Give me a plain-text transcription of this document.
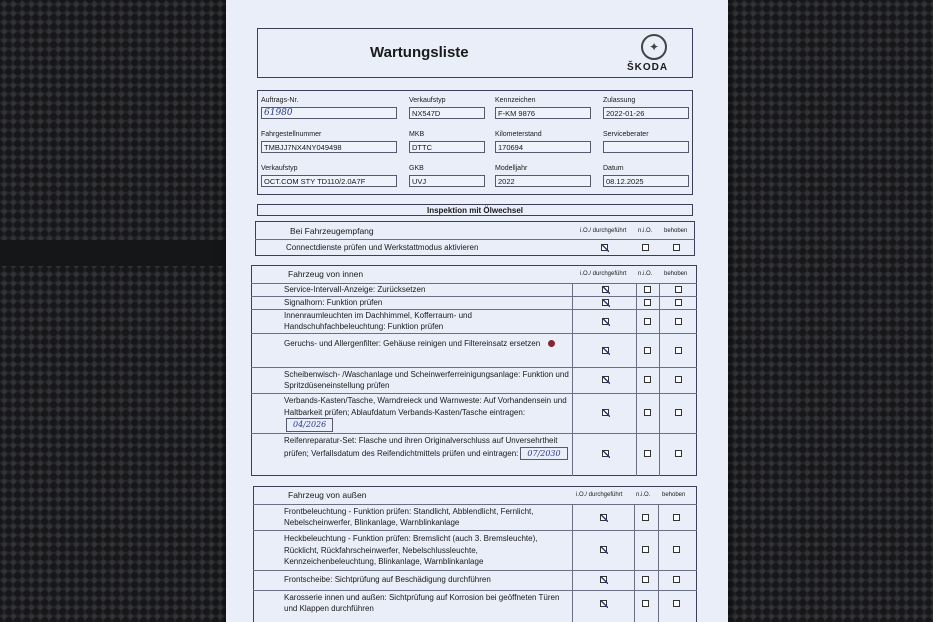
Wartungsliste	✦
ŠKODA
Auftrags-Nr.
61980
Verkaufstyp
NX547D
Kennzeichen
F-KM 9876
Zulassung
2022-01-26
Fahrgestellnummer
TMBJJ7NX4NY049498
MKB
DTTC
Kilometerstand
170694
Serviceberater
Verkaufstyp
OCT.COM STY TD110/2.0A7F
GKB
UVJ
Modelljahr
2022
Datum
08.12.2025
Inspektion mit Ölwechsel
Bei Fahrzeugempfang	i.O./ durchgeführt n.i.O. behoben
Connectdienste prüfen und Werkstattmodus aktivieren
Fahrzeug von innen	i.O./ durchgeführt n.i.O. behoben
Service-Intervall-Anzeige: Zurücksetzen
Signalhorn: Funktion prüfen
Innenraumleuchten im Dachhimmel, Kofferraum- und Handschuhfachbeleuchtung: Funktion prüfen
Geruchs- und Allergenfilter: Gehäuse reinigen und Filtereinsatz ersetzen
Scheibenwisch- /Waschanlage und Scheinwerferreinigungsanlage: Funktion und Spritzdüseneinstellung prüfen
Verbands-Kasten/Tasche, Warndreieck und Warnweste: Auf Vorhandensein und Haltbarkeit prüfen; Ablaufdatum Verbands-Kasten/Tasche eintragen:04/2026
Reifenreparatur-Set: Flasche und ihren Originalverschluss auf Unversehrtheit prüfen; Verfallsdatum des Reifendichtmittels prüfen und eintragen: 07/2030
Fahrzeug von außen	i.O./ durchgeführt n.i.O. behoben
Frontbeleuchtung - Funktion prüfen: Standlicht, Abblendlicht, Fernlicht, Nebelscheinwerfer, Blinkanlage, Warnblinkanlage
Heckbeleuchtung - Funktion prüfen: Bremslicht (auch 3. Bremsleuchte), Rücklicht, Rückfahrscheinwerfer, Nebelschlussleuchte, Kennzeichenbeleuchtung, Blinkanlage, Warnblinkanlage
Frontscheibe: Sichtprüfung auf Beschädigung durchführen
Karosserie innen und außen: Sichtprüfung auf Korrosion bei geöffneten Türen und Klappen durchführen
